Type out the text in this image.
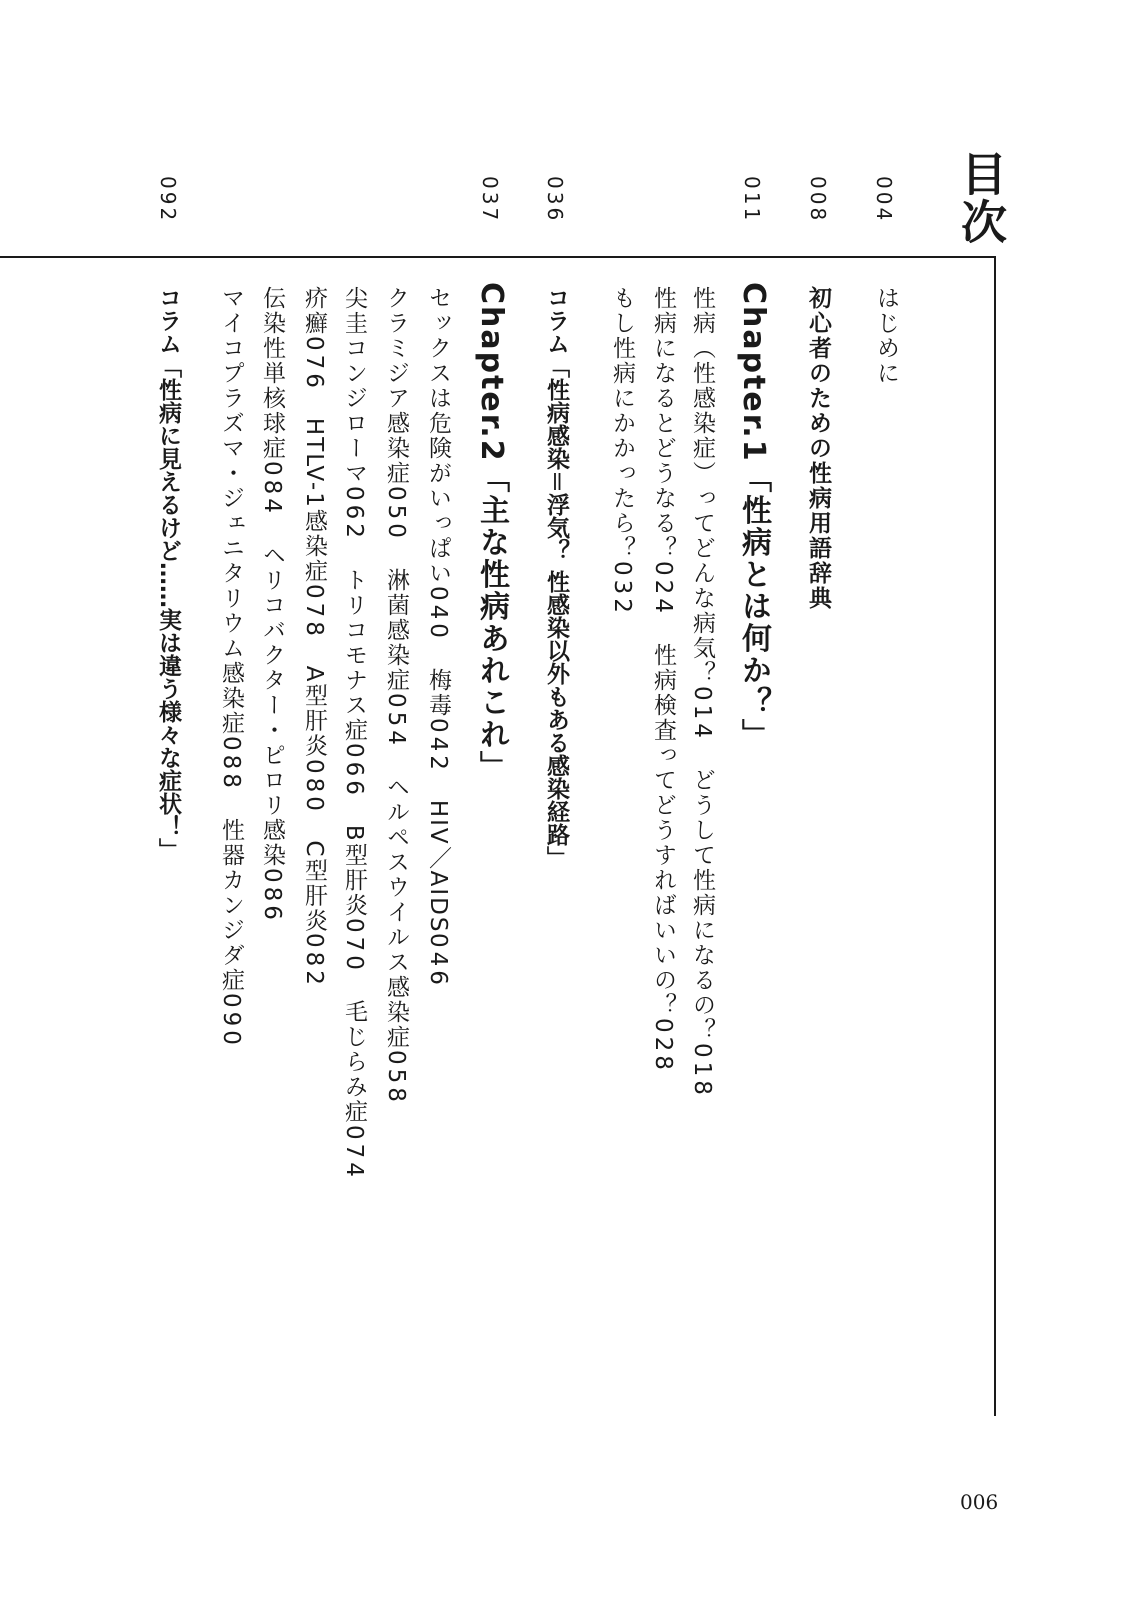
目次
004
008
011
036
037
092
はじめに
初心者のための性病用語辞典
Chapter.1「性病とは何か？」
性病（性感染症）ってどんな病気？014どうして性病になるの？018
性病になるとどうなる？024性病検査ってどうすればいいの？028
もし性病にかかったら？032
コラム「性病感染＝浮気？ 性感染以外もある感染経路」
Chapter.2「主な性病あれこれ」
セックスは危険がいっぱい040梅毒042HIV／AIDS046
クラミジア感染症050淋菌感染症054ヘルペスウイルス感染症058
尖圭コンジローマ062トリコモナス症066B型肝炎070毛じらみ症074
疥癬076HTLV-1感染症078A型肝炎080C型肝炎082
伝染性単核球症084ヘリコバクター・ピロリ感染086
マイコプラズマ・ジェニタリウム感染症088性器カンジダ症090
コラム「性病に見えるけど……実は違う様々な症状！」
006
